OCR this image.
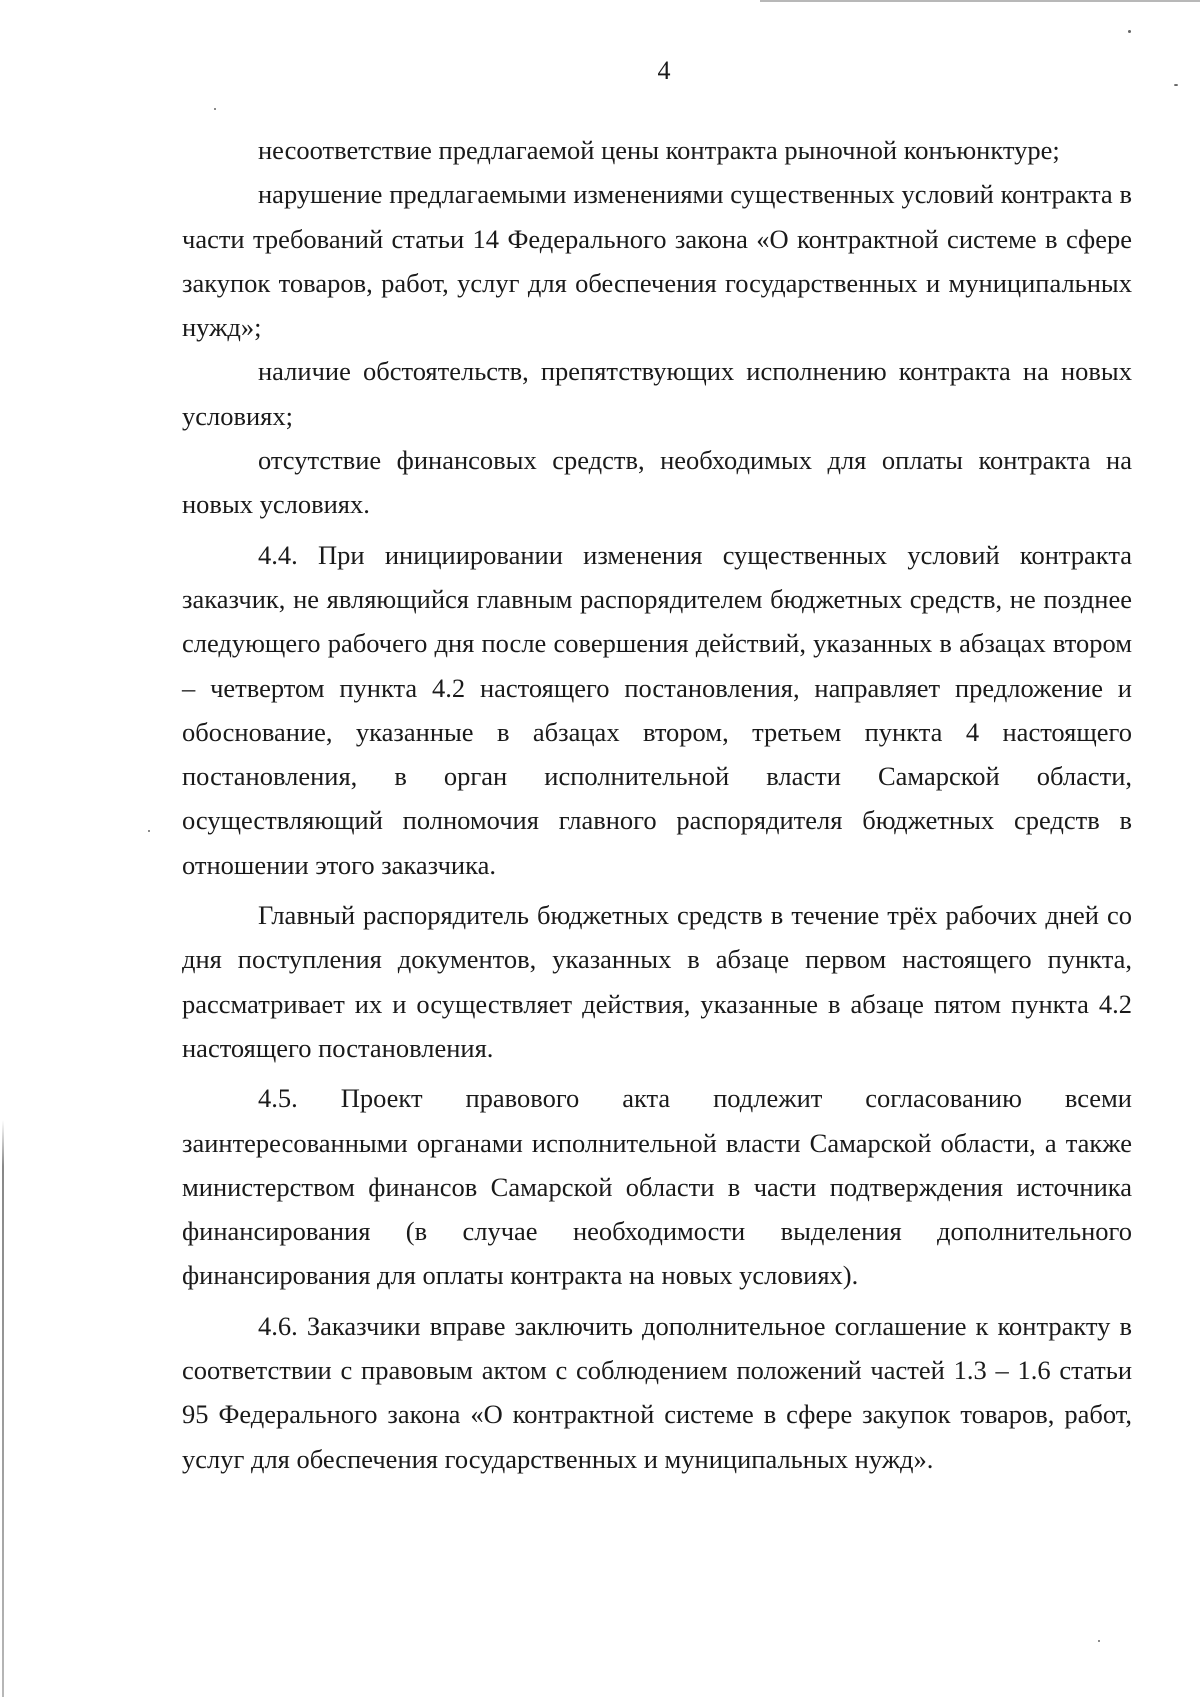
4

несоответствие предлагаемой цены контракта рыночной конъюнктуре;

нарушение предлагаемыми изменениями существенных условий контракта в части требований статьи 14 Федерального закона «О контрактной системе в сфере закупок товаров, работ, услуг для обеспечения государственных и муниципальных нужд»;

наличие обстоятельств, препятствующих исполнению контракта на новых условиях;

отсутствие финансовых средств, необходимых для оплаты контракта на новых условиях.

4.4. При инициировании изменения существенных условий контракта заказчик, не являющийся главным распорядителем бюджетных средств, не позднее следующего рабочего дня после совершения действий, указанных в абзацах втором – четвертом пункта 4.2 настоящего постановления, направляет предложение и обоснование, указанные в абзацах втором, третьем пункта 4 настоящего постановления, в орган исполнительной власти Самарской области, осуществляющий полномочия главного распорядителя бюджетных средств в отношении этого заказчика.

Главный распорядитель бюджетных средств в течение трёх рабочих дней со дня поступления документов, указанных в абзаце первом настоящего пункта, рассматривает их и осуществляет действия, указанные в абзаце пятом пункта 4.2 настоящего постановления.

4.5. Проект правового акта подлежит согласованию всеми заинтересованными органами исполнительной власти Самарской области, а также министерством финансов Самарской области в части подтверждения источника финансирования (в случае необходимости выделения дополнительного финансирования для оплаты контракта на новых условиях).

4.6. Заказчики вправе заключить дополнительное соглашение к контракту в соответствии с правовым актом с соблюдением положений частей 1.3 – 1.6 статьи 95 Федерального закона «О контрактной системе в сфере закупок товаров, работ, услуг для обеспечения государственных и муниципальных нужд».
